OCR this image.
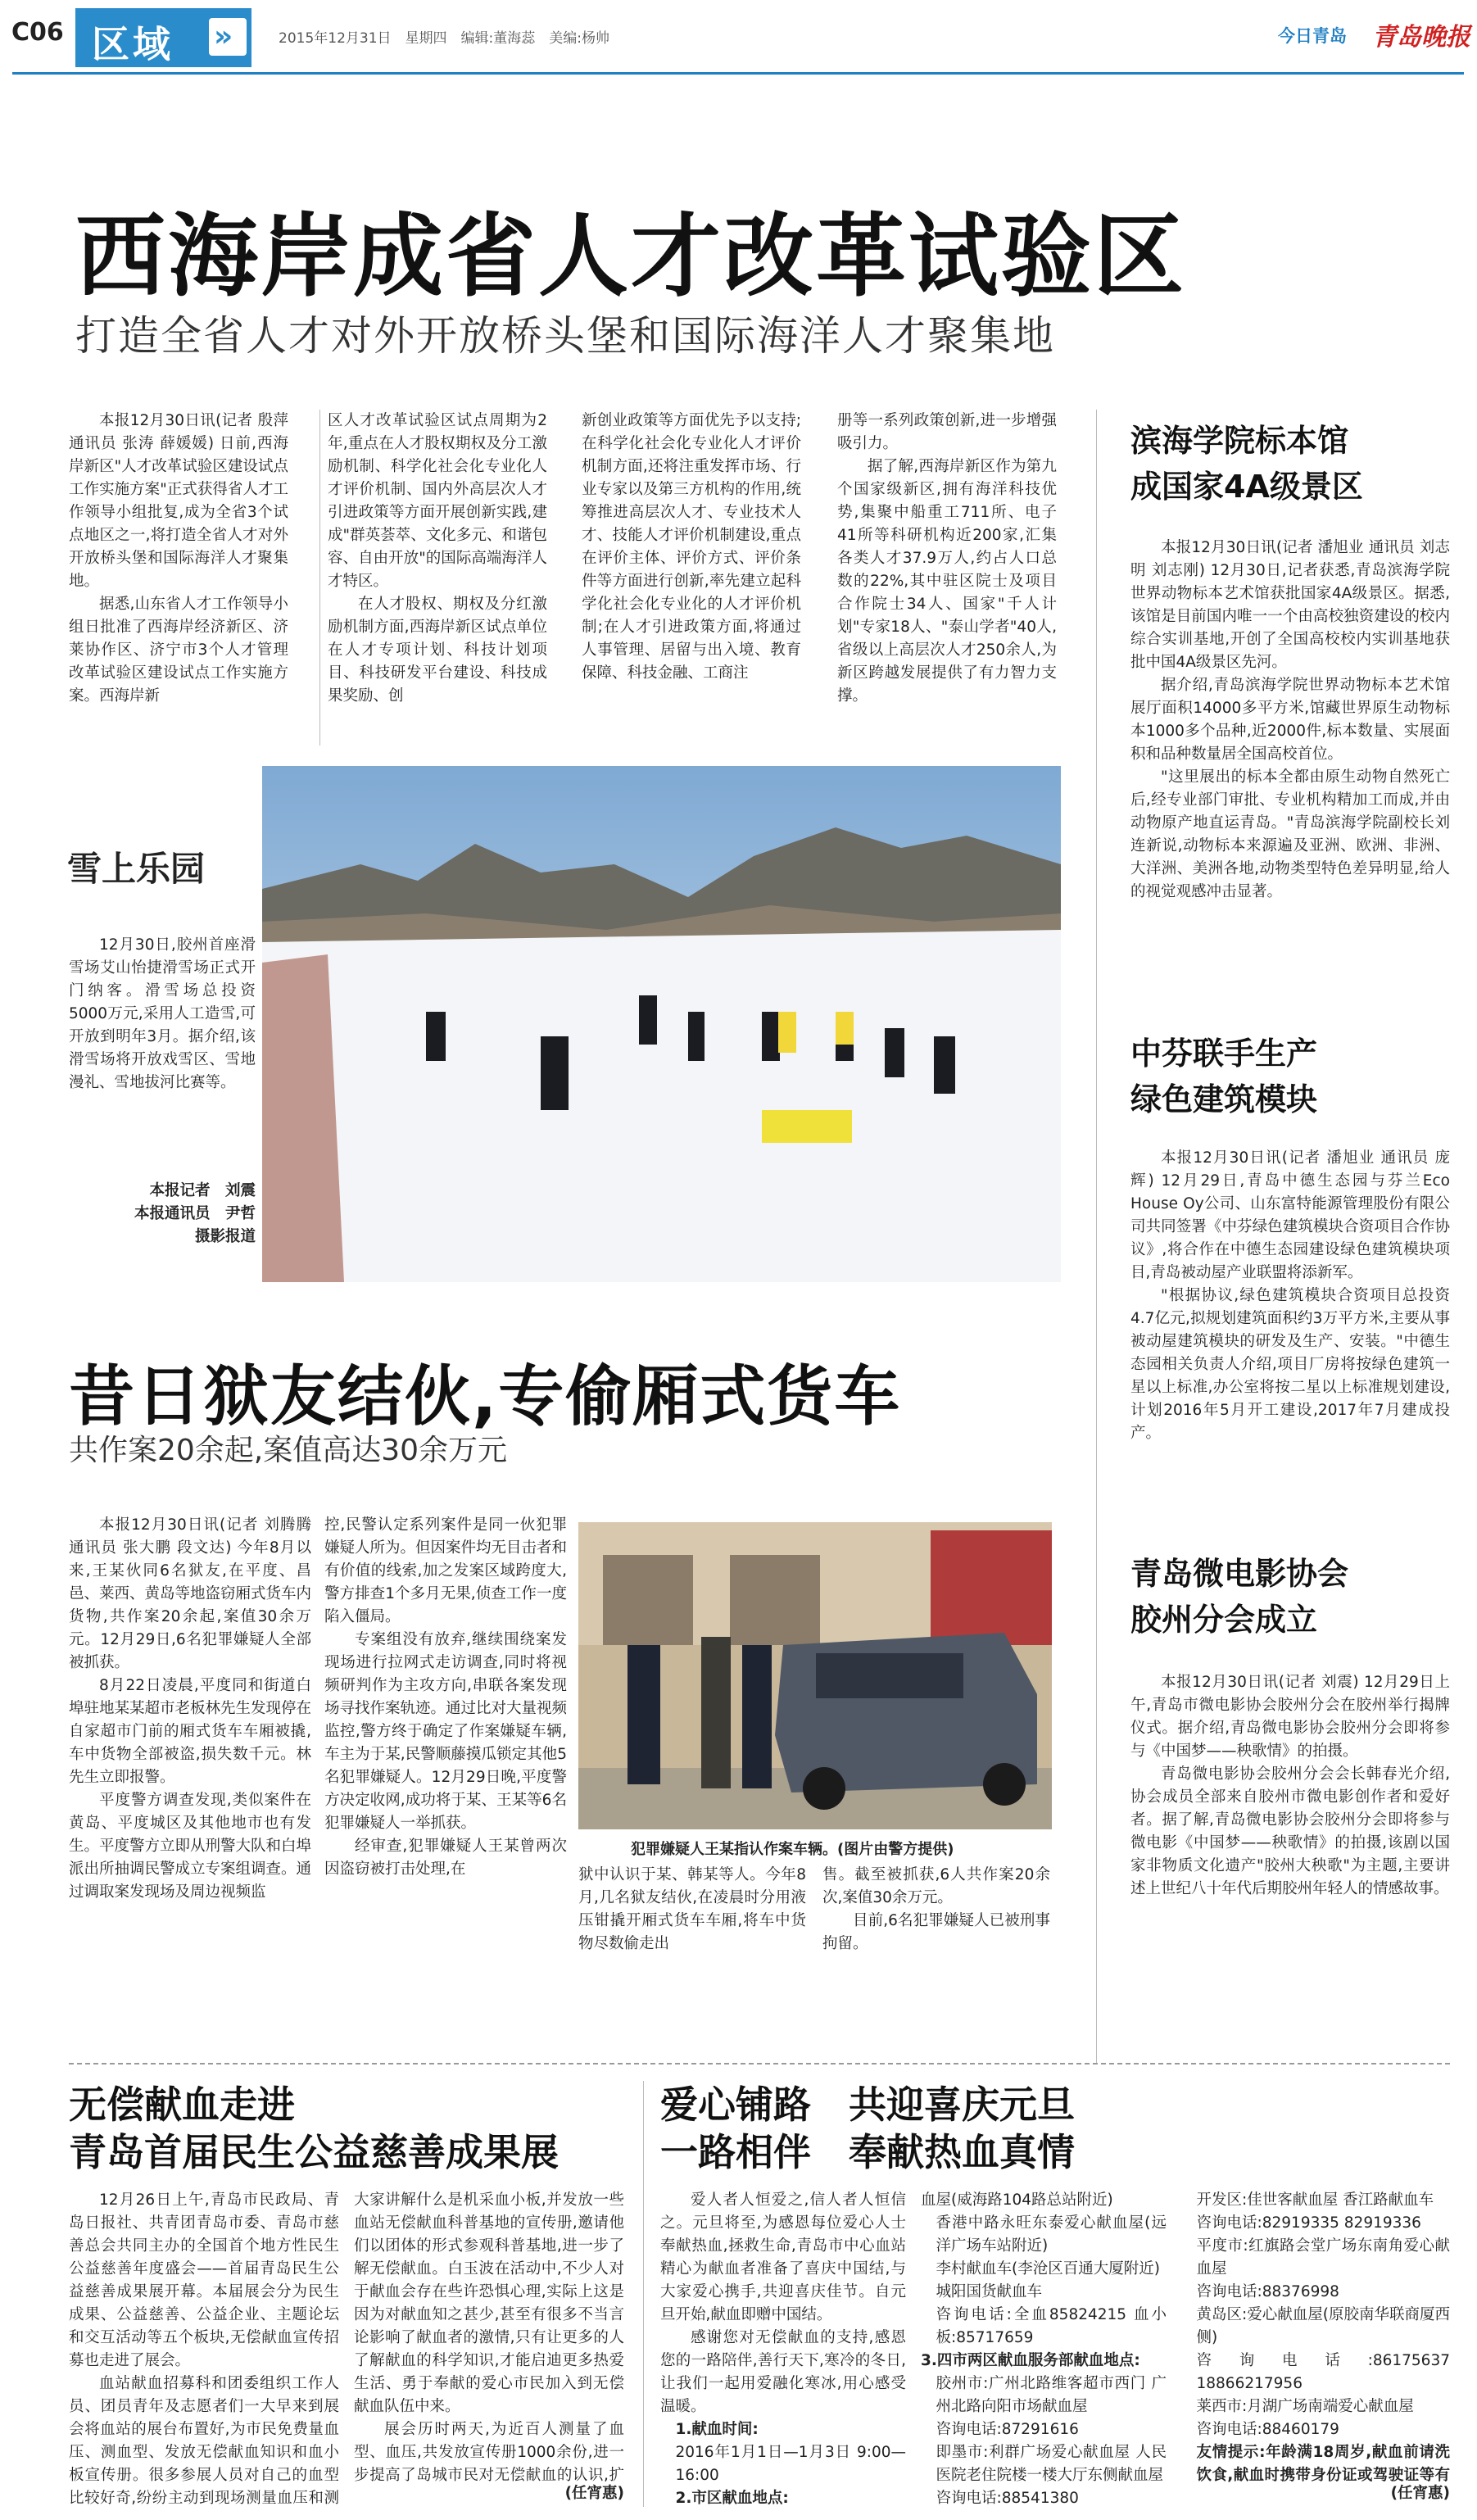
C06 区域	»	2015年12月31日　星期四　编辑:董海蕊　美编:杨帅	今日青岛 青岛晚报
西海岸成省人才改革试验区
打造全省人才对外开放桥头堡和国际海洋人才聚集地

本报12月30日讯(记者 殷萍 通讯员 张涛 薛媛媛) 日前,西海岸新区"人才改革试验区建设试点工作实施方案"正式获得省人才工作领导小组批复,成为全省3个试点地区之一,将打造全省人才对外开放桥头堡和国际海洋人才聚集地。

据悉,山东省人才工作领导小组日批准了西海岸经济新区、济莱协作区、济宁市3个人才管理改革试验区建设试点工作实施方案。西海岸新

区人才改革试验区试点周期为2年,重点在人才股权期权及分工激励机制、科学化社会化专业化人才评价机制、国内外高层次人才引进政策等方面开展创新实践,建成"群英荟萃、文化多元、和谐包容、自由开放"的国际高端海洋人才特区。

在人才股权、期权及分红激励机制方面,西海岸新区试点单位在人才专项计划、科技计划项目、科技研发平台建设、科技成果奖励、创

新创业政策等方面优先予以支持;在科学化社会化专业化人才评价机制方面,还将注重发挥市场、行业专家以及第三方机构的作用,统筹推进高层次人才、专业技术人才、技能人才评价机制建设,重点在评价主体、评价方式、评价条件等方面进行创新,率先建立起科学化社会化专业化的人才评价机制;在人才引进政策方面,将通过人事管理、居留与出入境、教育保障、科技金融、工商注

册等一系列政策创新,进一步增强吸引力。

据了解,西海岸新区作为第九个国家级新区,拥有海洋科技优势,集聚中船重工711所、电子41所等科研机构近200家,汇集各类人才37.9万人,约占人口总数的22%,其中驻区院士及项目合作院士34人、国家"千人计划"专家18人、"泰山学者"40人,省级以上高层次人才250余人,为新区跨越发展提供了有力智力支撑。

雪上乐园

12月30日,胶州首座滑雪场艾山怡捷滑雪场正式开门纳客。滑雪场总投资5000万元,采用人工造雪,可开放到明年3月。据介绍,该滑雪场将开放戏雪区、雪地漫礼、雪地拔河比赛等。

本报记者　刘震
本报通讯员　尹哲
摄影报道
滨海学院标本馆
成国家4A级景区

本报12月30日讯(记者 潘旭业 通讯员 刘志明 刘志刚) 12月30日,记者获悉,青岛滨海学院世界动物标本艺术馆获批国家4A级景区。据悉,该馆是目前国内唯一一个由高校独资建设的校内综合实训基地,开创了全国高校校内实训基地获批中国4A级景区先河。

据介绍,青岛滨海学院世界动物标本艺术馆展厅面积14000多平方米,馆藏世界原生动物标本1000多个品种,近2000件,标本数量、实展面积和品种数量居全国高校首位。

"这里展出的标本全都由原生动物自然死亡后,经专业部门审批、专业机构精加工而成,并由动物原产地直运青岛。"青岛滨海学院副校长刘连新说,动物标本来源遍及亚洲、欧洲、非洲、大洋洲、美洲各地,动物类型特色差异明显,给人的视觉观感冲击显著。

中芬联手生产
绿色建筑模块

本报12月30日讯(记者 潘旭业 通讯员 庞辉) 12月29日,青岛中德生态园与芬兰Eco House Oy公司、山东富特能源管理股份有限公司共同签署《中芬绿色建筑模块合资项目合作协议》,将合作在中德生态园建设绿色建筑模块项目,青岛被动屋产业联盟将添新军。

"根据协议,绿色建筑模块合资项目总投资4.7亿元,拟规划建筑面积约3万平方米,主要从事被动屋建筑模块的研发及生产、安装。"中德生态园相关负责人介绍,项目厂房将按绿色建筑一星以上标准,办公室将按二星以上标准规划建设,计划2016年5月开工建设,2017年7月建成投产。

青岛微电影协会
胶州分会成立

本报12月30日讯(记者 刘震) 12月29日上午,青岛市微电影协会胶州分会在胶州举行揭牌仪式。据介绍,青岛微电影协会胶州分会即将参与《中国梦——秧歌情》的拍摄。

青岛微电影协会胶州分会会长韩春光介绍,协会成员全部来自胶州市微电影创作者和爱好者。据了解,青岛微电影协会胶州分会即将参与微电影《中国梦——秧歌情》的拍摄,该剧以国家非物质文化遗产"胶州大秧歌"为主题,主要讲述上世纪八十年代后期胶州年轻人的情感故事。

昔日狱友结伙,专偷厢式货车
共作案20余起,案值高达30余万元

本报12月30日讯(记者 刘腾腾 通讯员 张大鹏 段文达) 今年8月以来,王某伙同6名狱友,在平度、昌邑、莱西、黄岛等地盗窃厢式货车内货物,共作案20余起,案值30余万元。12月29日,6名犯罪嫌疑人全部被抓获。

8月22日凌晨,平度同和街道白埠驻地某某超市老板林先生发现停在自家超市门前的厢式货车车厢被撬,车中货物全部被盗,损失数千元。林先生立即报警。

平度警方调查发现,类似案件在黄岛、平度城区及其他地市也有发生。平度警方立即从刑警大队和白埠派出所抽调民警成立专案组调查。通过调取案发现场及周边视频监

控,民警认定系列案件是同一伙犯罪嫌疑人所为。但因案件均无目击者和有价值的线索,加之发案区域跨度大,警方排查1个多月无果,侦查工作一度陷入僵局。

专案组没有放弃,继续围绕案发现场进行拉网式走访调查,同时将视频研判作为主攻方向,串联各案发现场寻找作案轨迹。通过比对大量视频监控,警方终于确定了作案嫌疑车辆,车主为于某,民警顺藤摸瓜锁定其他5名犯罪嫌疑人。12月29日晚,平度警方决定收网,成功将于某、王某等6名犯罪嫌疑人一举抓获。

经审查,犯罪嫌疑人王某曾两次因盗窃被打击处理,在

犯罪嫌疑人王某指认作案车辆。(图片由警方提供)

狱中认识于某、韩某等人。今年8月,几名狱友结伙,在凌晨时分用液压钳撬开厢式货车车厢,将车中货物尽数偷走出

售。截至被抓获,6人共作案20余次,案值30余万元。

目前,6名犯罪嫌疑人已被刑事拘留。

无偿献血走进
青岛首届民生公益慈善成果展

12月26日上午,青岛市民政局、青岛日报社、共青团青岛市委、青岛市慈善总会共同主办的全国首个地方性民生公益慈善年度盛会——首届青岛民生公益慈善成果展开幕。本届展会分为民生成果、公益慈善、公益企业、主题论坛和交互活动等五个板块,无偿献血宣传招募也走进了展会。

血站献血招募科和团委组织工作人员、团员青年及志愿者们一大早来到展会将血站的展台布置好,为市民免费量血压、测血型、发放无偿献血知识和血小板宣传册。很多参展人员对自己的血型比较好奇,纷纷主动到现场测量血压和测

大家讲解什么是机采血小板,并发放一些血站无偿献血科普基地的宣传册,邀请他们以团体的形式参观科普基地,进一步了解无偿献血。白玉波在活动中,不少人对于献血会存在些许恐惧心理,实际上这是因为对献血知之甚少,甚至有很多不当言论影响了献血者的激情,只有让更多的人了解献血的科学知识,才能启迪更多热爱生活、勇于奉献的爱心市民加入到无偿献血队伍中来。

展会历时两天,为近百人测量了血型、血压,共发放宣传册1000余份,进一步提高了岛城市民对无偿献血的认识,扩

(任宵惠)
爱心铺路　共迎喜庆元旦
一路相伴　奉献热血真情

爱人者人恒爱之,信人者人恒信之。元旦将至,为感恩每位爱心人士奉献热血,拯救生命,青岛市中心血站精心为献血者准备了喜庆中国结,与大家爱心携手,共迎喜庆佳节。自元旦开始,献血即赠中国结。

感谢您对无偿献血的支持,感恩您的一路陪伴,善行天下,寒冷的冬日,让我们一起用爱融化寒冰,用心感受温暖。

1.献血时间:

2016年1月1日—1月3日 9:00—16:00

2.市区献血地点:

血屋(威海路104路总站附近)

香港中路永旺东泰爱心献血屋(远洋广场车站附近)

李村献血车(李沧区百通大厦附近)

城阳国货献血车

咨询电话:全血85824215 血小板:85717659

3.四市两区献血服务部献血地点:

胶州市:广州北路维客超市西门 广州北路向阳市场献血屋

咨询电话:87291616

即墨市:利群广场爱心献血屋 人民医院老住院楼一楼大厅东侧献血屋

咨询电话:88541380

开发区:佳世客献血屋 香江路献血车

咨询电话:82919335 82919336

平度市:红旗路会堂广场东南角爱心献血屋

咨询电话:88376998

黄岛区:爱心献血屋(原胶南华联商厦西侧)

咨询电话:86175637 18866217956

莱西市:月湖广场南端爱心献血屋

咨询电话:88460179

友情提示:年龄满18周岁,献血前请洗饮食,献血时携带身份证或驾驶证等有

(任宵惠)
